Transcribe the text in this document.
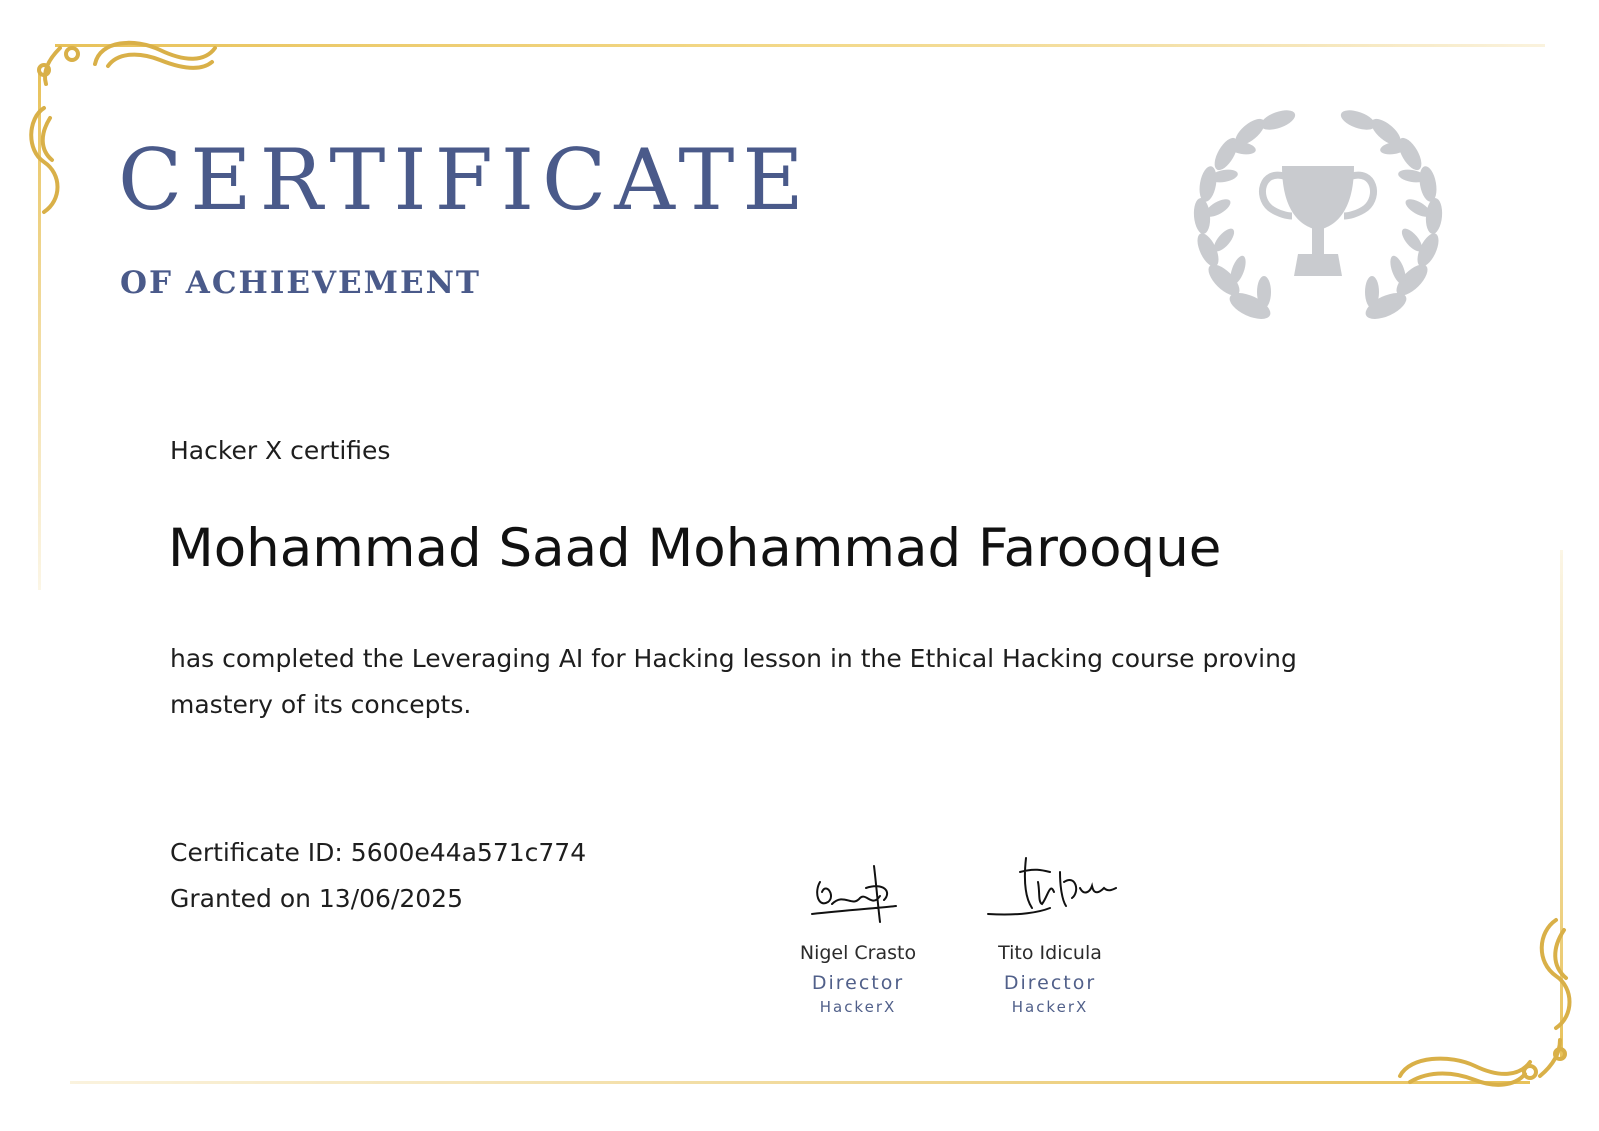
CERTIFICATE
OF ACHIEVEMENT
Hacker X certifies
Mohammad Saad Mohammad Farooque
has completed the Leveraging AI for Hacking lesson in the Ethical Hacking course proving mastery of its concepts.
Certificate ID: 5600e44a571c774
Granted on 13/06/2025
Nigel Crasto
Director
HackerX
Tito Idicula
Director
HackerX
